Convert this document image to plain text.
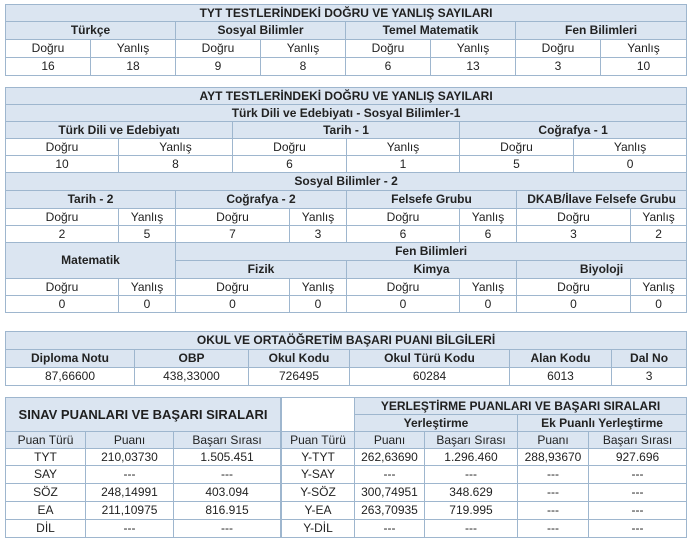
TYT TESTLERİNDEKİ DOĞRU VE YANLIŞ SAYILARI							
Türkçe		Sosyal Bilimler		Temel Matematik		Fen Bilimleri	
Doğru	Yanlış	Doğru	Yanlış	Doğru	Yanlış	Doğru	Yanlış
16	18	9	8	6	13	3	10
AYT TESTLERİNDEKİ DOĞRU VE YANLIŞ SAYILARI									
Türk Dili ve Edebiyatı - Sosyal Bilimler-1									
Türk Dili ve Edebiyatı			Tarih - 1			Coğrafya - 1			
Doğru	Yanlış		Doğru		Yanlış	Doğru		Yanlış	
10	8		6		1	5		0	
Sosyal Bilimler - 2									
Tarih - 2		Coğrafya - 2			Felsefe Grubu		DKAB/İlave Felsefe Grubu		
Doğru	Yanlış	Doğru		Yanlış	Doğru	Yanlış	Doğru		Yanlış
2	5	7		3	6	6	3		2
Matematik		Fen Bilimleri							
		Fizik			Kimya		Biyoloji		
Doğru	Yanlış	Doğru		Yanlış	Doğru	Yanlış	Doğru		Yanlış
0	0	0		0	0	0	0		0
OKUL VE ORTAÖĞRETİM BAŞARI PUANI BİLGİLERİ					
Diploma Notu	OBP	Okul Kodu	Okul Türü Kodu	Alan Kodu	Dal No
87,66600	438,33000	726495	60284	6013	3
SINAV PUANLARI VE BAŞARI SIRALARI		
Puan Türü	Puanı	Başarı Sırası
TYT	210,03730	1.505.451
SAY	---	---
SÖZ	248,14991	403.094
EA	211,10975	816.915
DİL	---	---
	YERLEŞTİRME PUANLARI VE BAŞARI SIRALARI			
	Yerleştirme		Ek Puanlı Yerleştirme	
Puan Türü	Puanı	Başarı Sırası	Puanı	Başarı Sırası
Y-TYT	262,63690	1.296.460	288,93670	927.696
Y-SAY	---	---	---	---
Y-SÖZ	300,74951	348.629	---	---
Y-EA	263,70935	719.995	---	---
Y-DİL	---	---	---	---
